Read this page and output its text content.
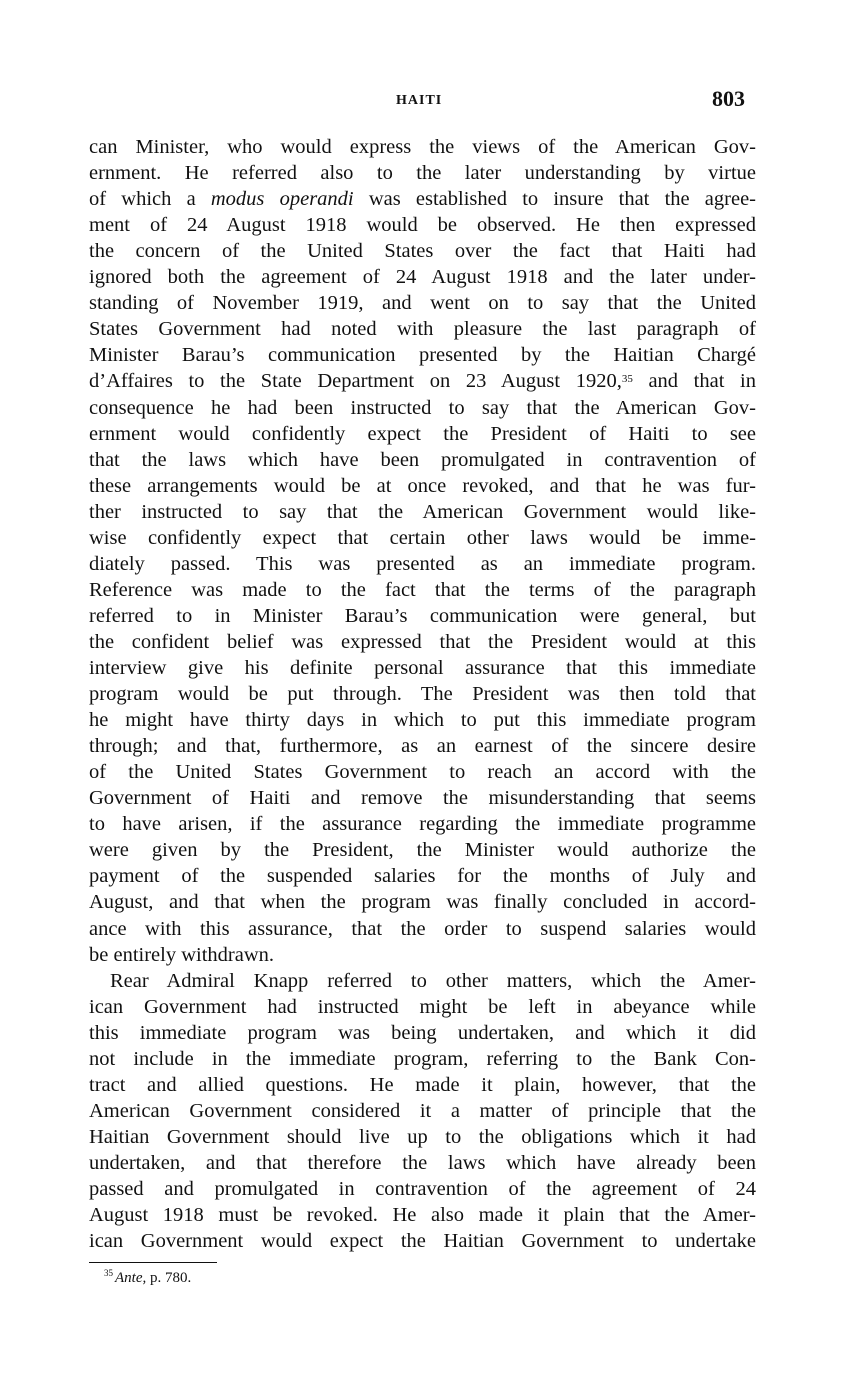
HAITI	803
can Minister, who would express the views of the American Gov-
ernment. He referred also to the later understanding by virtue
of which a modus operandi was established to insure that the agree-
ment of 24 August 1918 would be observed. He then expressed
the concern of the United States over the fact that Haiti had
ignored both the agreement of 24 August 1918 and the later under-
standing of November 1919, and went on to say that the United
States Government had noted with pleasure the last paragraph of
Minister Barau’s communication presented by the Haitian Chargé
d’Affaires to the State Department on 23 August 1920,35 and that in
consequence he had been instructed to say that the American Gov-
ernment would confidently expect the President of Haiti to see
that the laws which have been promulgated in contravention of
these arrangements would be at once revoked, and that he was fur-
ther instructed to say that the American Government would like-
wise confidently expect that certain other laws would be imme-
diately passed. This was presented as an immediate program.
Reference was made to the fact that the terms of the paragraph
referred to in Minister Barau’s communication were general, but
the confident belief was expressed that the President would at this
interview give his definite personal assurance that this immediate
program would be put through. The President was then told that
he might have thirty days in which to put this immediate program
through; and that, furthermore, as an earnest of the sincere desire
of the United States Government to reach an accord with the
Government of Haiti and remove the misunderstanding that seems
to have arisen, if the assurance regarding the immediate programme
were given by the President, the Minister would authorize the
payment of the suspended salaries for the months of July and
August, and that when the program was finally concluded in accord-
ance with this assurance, that the order to suspend salaries would
be entirely withdrawn.
Rear Admiral Knapp referred to other matters, which the Amer-
ican Government had instructed might be left in abeyance while
this immediate program was being undertaken, and which it did
not include in the immediate program, referring to the Bank Con-
tract and allied questions. He made it plain, however, that the
American Government considered it a matter of principle that the
Haitian Government should live up to the obligations which it had
undertaken, and that therefore the laws which have already been
passed and promulgated in contravention of the agreement of 24
August 1918 must be revoked. He also made it plain that the Amer-
ican Government would expect the Haitian Government to undertake
$^{35}$ Ante, p. 780.
